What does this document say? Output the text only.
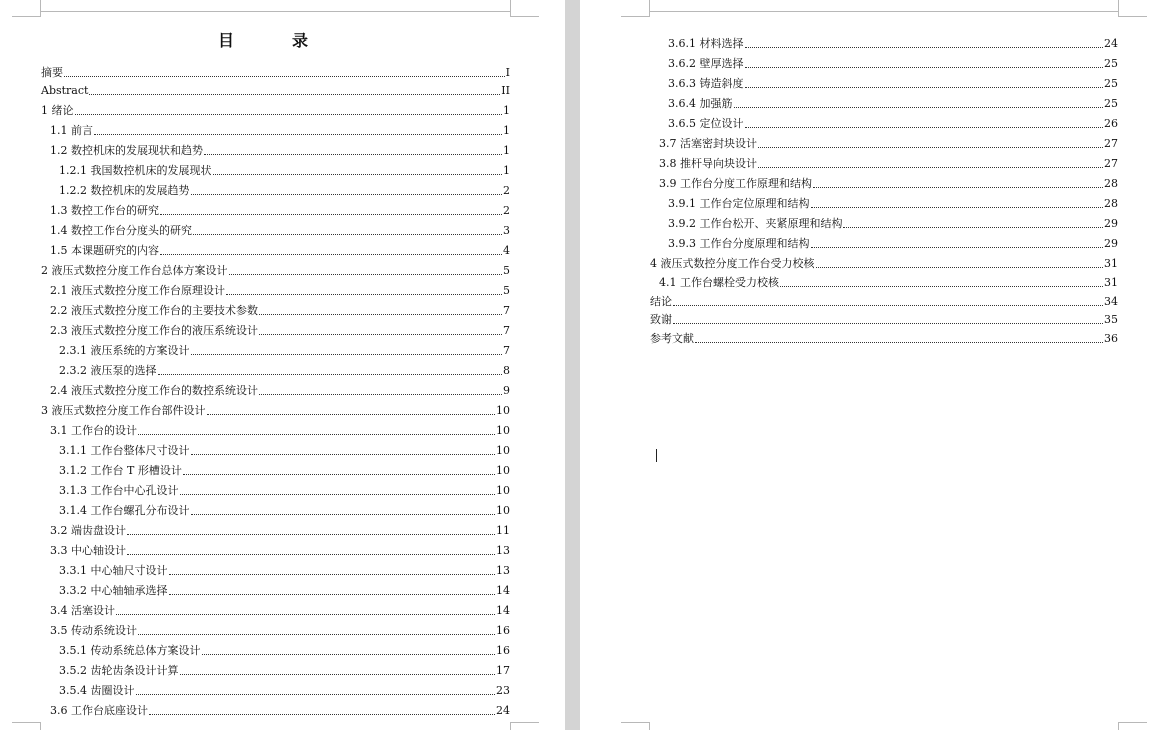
目	录
摘要	I
Abstract	II
1 绪论	1
1.1 前言	1
1.2 数控机床的发展现状和趋势	1
1.2.1 我国数控机床的发展现状	1
1.2.2 数控机床的发展趋势	2
1.3 数控工作台的研究	2
1.4 数控工作台分度头的研究	3
1.5 本课题研究的内容	4
2 液压式数控分度工作台总体方案设计	5
2.1 液压式数控分度工作台原理设计	5
2.2 液压式数控分度工作台的主要技术参数	7
2.3 液压式数控分度工作台的液压系统设计	7
2.3.1 液压系统的方案设计	7
2.3.2 液压泵的选择	8
2.4 液压式数控分度工作台的数控系统设计	9
3 液压式数控分度工作台部件设计	10
3.1 工作台的设计	10
3.1.1 工作台整体尺寸设计	10
3.1.2 工作台 T 形槽设计	10
3.1.3 工作台中心孔设计	10
3.1.4 工作台螺孔分布设计	10
3.2 端齿盘设计	11
3.3 中心轴设计	13
3.3.1 中心轴尺寸设计	13
3.3.2 中心轴轴承选择	14
3.4 活塞设计	14
3.5 传动系统设计	16
3.5.1 传动系统总体方案设计	16
3.5.2 齿轮齿条设计计算	17
3.5.4 齿圈设计	23
3.6 工作台底座设计	24
3.6.1 材料选择	24
3.6.2 壁厚选择	25
3.6.3 铸造斜度	25
3.6.4 加强筋	25
3.6.5 定位设计	26
3.7 活塞密封块设计	27
3.8 推杆导向块设计	27
3.9 工作台分度工作原理和结构	28
3.9.1 工作台定位原理和结构	28
3.9.2 工作台松开、夹紧原理和结构	29
3.9.3 工作台分度原理和结构	29
4 液压式数控分度工作台受力校核	31
4.1 工作台螺栓受力校核	31
结论	34
致谢	35
参考文献	36
